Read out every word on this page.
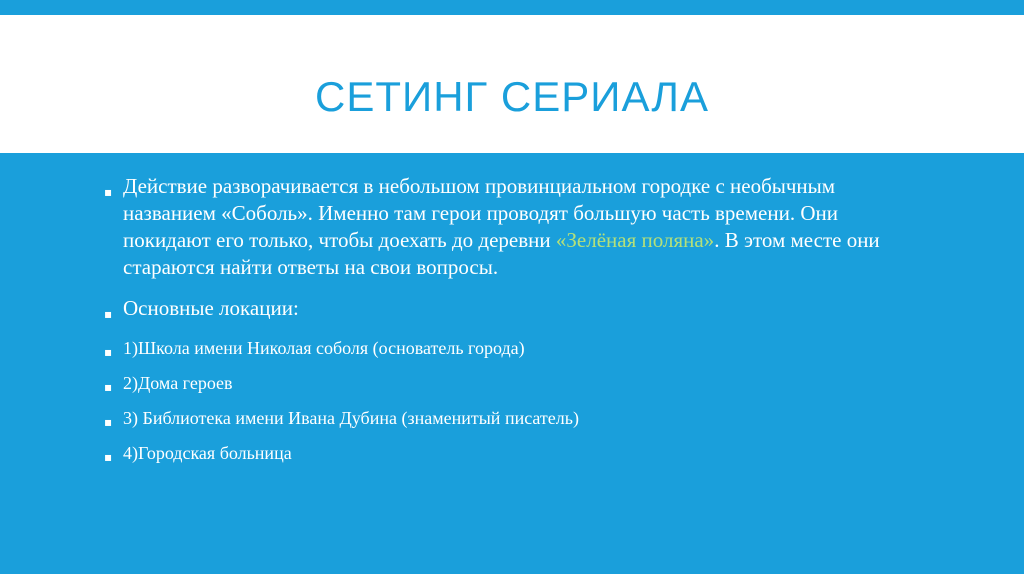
СЕТИНГ СЕРИАЛА
▪ Действие разворачивается в небольшом провинциальном городке с необычным названием «Соболь». Именно там герои проводят большую часть времени. Они покидают его только, чтобы доехать до деревни «Зелёная поляна». В этом месте они стараются найти ответы на свои вопросы.
▪ Основные локации:
▪ 1)Школа имени Николая соболя (основатель города)
▪ 2)Дома героев
▪ 3) Библиотека имени Ивана Дубина (знаменитый писатель)
▪ 4)Городская больница
